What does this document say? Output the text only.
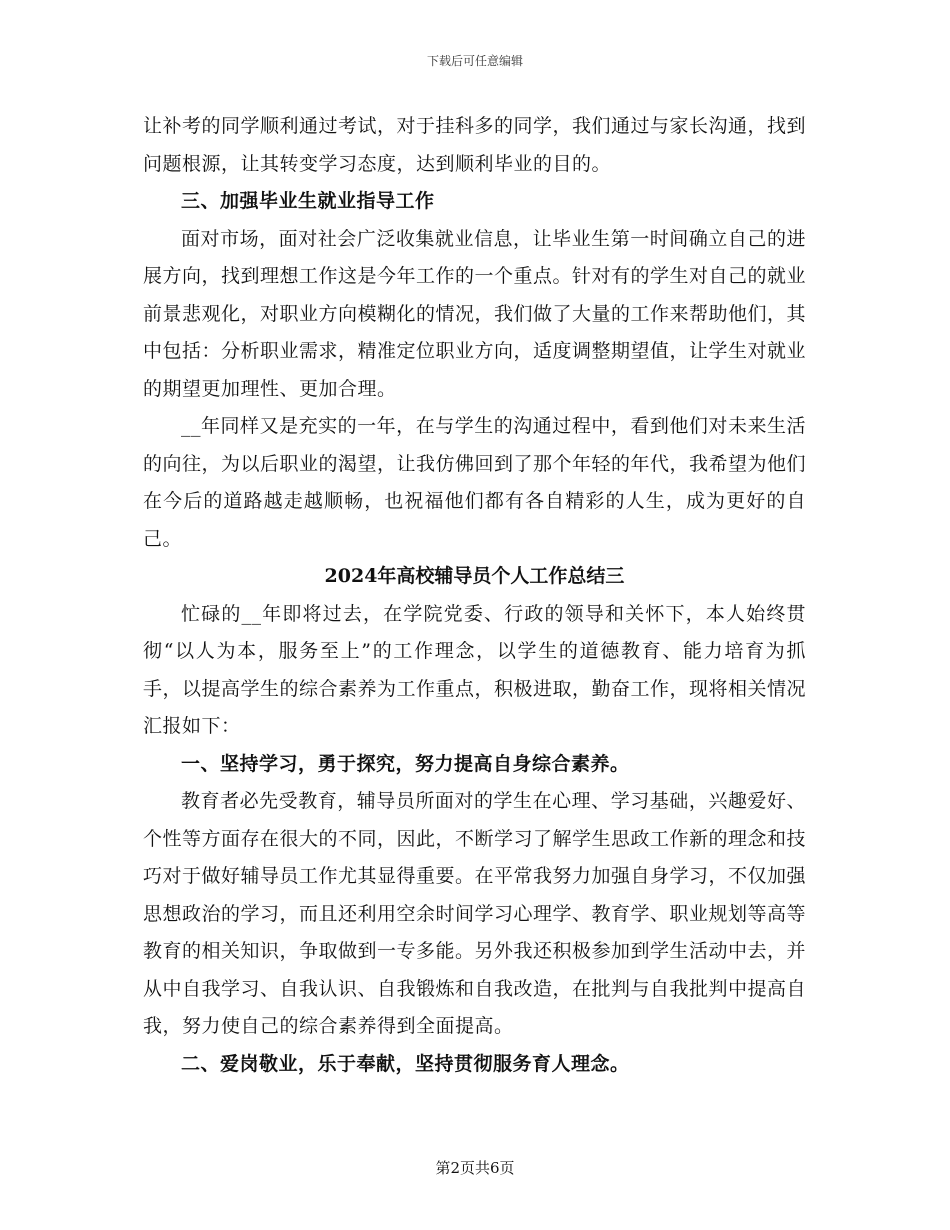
下载后可任意编辑

让补考的同学顺利通过考试，对于挂科多的同学，我们通过与家长沟通，找到问题根源，让其转变学习态度，达到顺利毕业的目的。

三、加强毕业生就业指导工作

面对市场，面对社会广泛收集就业信息，让毕业生第一时间确立自己的进展方向，找到理想工作这是今年工作的一个重点。针对有的学生对自己的就业前景悲观化，对职业方向模糊化的情况，我们做了大量的工作来帮助他们，其中包括：分析职业需求，精准定位职业方向，适度调整期望值，让学生对就业的期望更加理性、更加合理。

__年同样又是充实的一年，在与学生的沟通过程中，看到他们对未来生活的向往，为以后职业的渴望，让我仿佛回到了那个年轻的年代，我希望为他们在今后的道路越走越顺畅，也祝福他们都有各自精彩的人生，成为更好的自己。

2024年高校辅导员个人工作总结三

忙碌的__年即将过去，在学院党委、行政的领导和关怀下，本人始终贯彻“以人为本，服务至上”的工作理念，以学生的道德教育、能力培育为抓手，以提高学生的综合素养为工作重点，积极进取，勤奋工作，现将相关情况汇报如下：

一、坚持学习，勇于探究，努力提高自身综合素养。

教育者必先受教育，辅导员所面对的学生在心理、学习基础，兴趣爱好、个性等方面存在很大的不同，因此，不断学习了解学生思政工作新的理念和技巧对于做好辅导员工作尤其显得重要。在平常我努力加强自身学习，不仅加强思想政治的学习，而且还利用空余时间学习心理学、教育学、职业规划等高等教育的相关知识，争取做到一专多能。另外我还积极参加到学生活动中去，并从中自我学习、自我认识、自我锻炼和自我改造，在批判与自我批判中提高自我，努力使自己的综合素养得到全面提高。

二、爱岗敬业，乐于奉献，坚持贯彻服务育人理念。

第2页共6页
